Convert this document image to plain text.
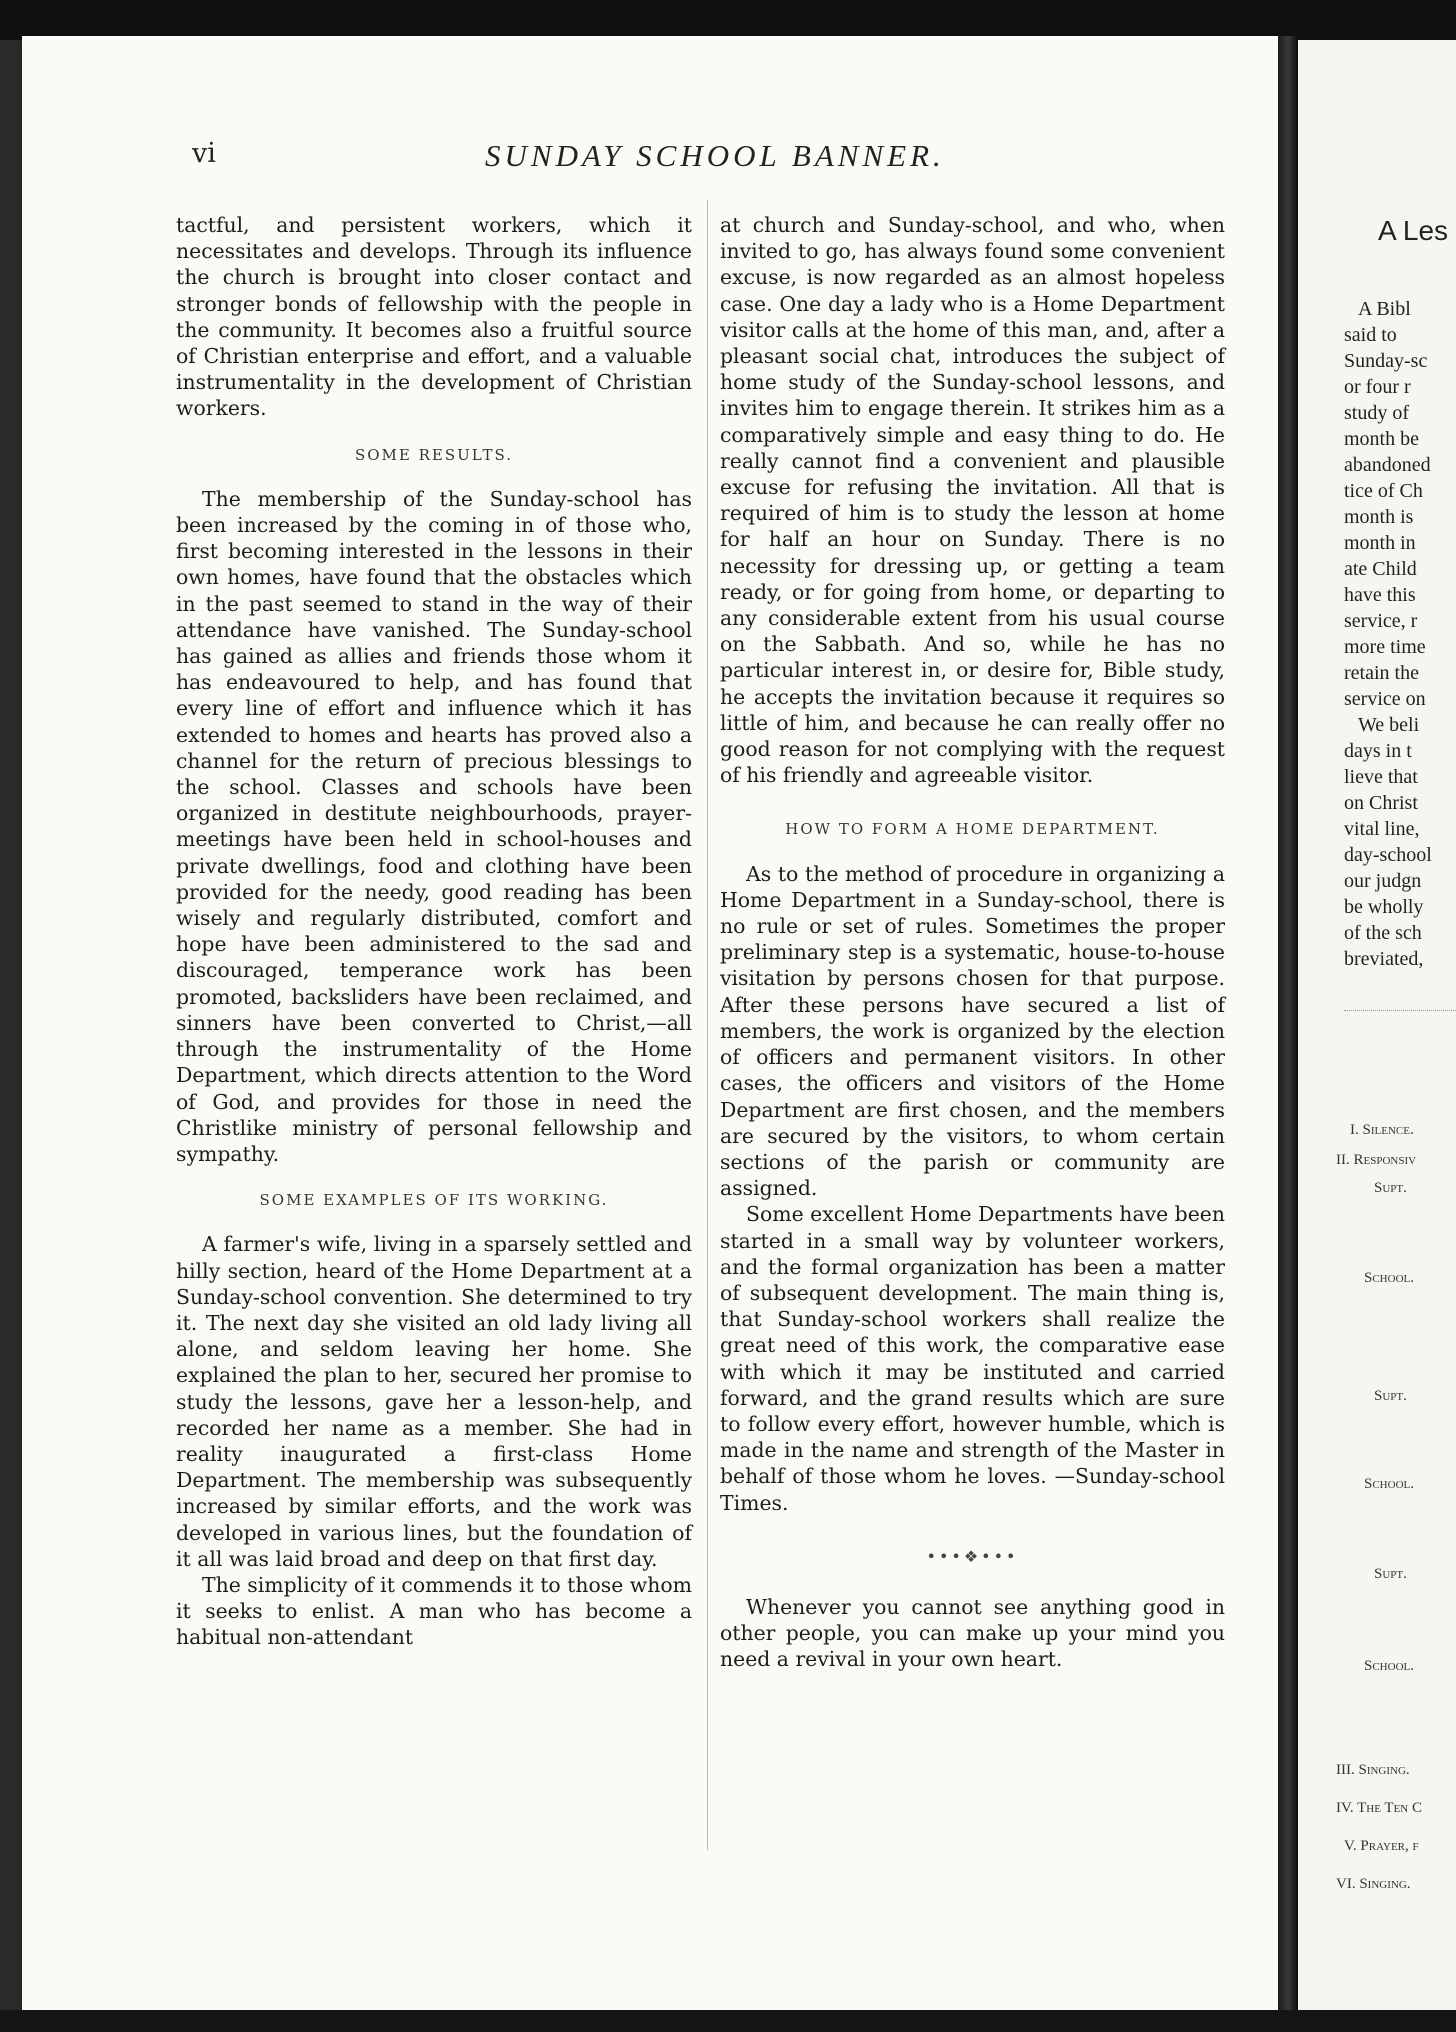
vi	SUNDAY SCHOOL BANNER.

tactful, and persistent workers, which it necessitates and develops. Through its influence the church is brought into closer contact and stronger bonds of fellowship with the people in the community. It becomes also a fruitful source of Christian enterprise and effort, and a valuable instrumentality in the development of Christian workers.

SOME RESULTS.

The membership of the Sunday-school has been increased by the coming in of those who, first becoming interested in the lessons in their own homes, have found that the obstacles which in the past seemed to stand in the way of their attendance have vanished. The Sunday-school has gained as allies and friends those whom it has endeavoured to help, and has found that every line of effort and influence which it has extended to homes and hearts has proved also a channel for the return of precious blessings to the school. Classes and schools have been organized in destitute neighbourhoods, prayer-meetings have been held in school-houses and private dwellings, food and clothing have been provided for the needy, good reading has been wisely and regularly distributed, comfort and hope have been administered to the sad and discouraged, temperance work has been promoted, backsliders have been reclaimed, and sinners have been converted to Christ,—all through the instrumentality of the Home Department, which directs attention to the Word of God, and provides for those in need the Christlike ministry of personal fellowship and sympathy.

SOME EXAMPLES OF ITS WORKING.

A farmer's wife, living in a sparsely settled and hilly section, heard of the Home Department at a Sunday-school convention. She determined to try it. The next day she visited an old lady living all alone, and seldom leaving her home. She explained the plan to her, secured her promise to study the lessons, gave her a lesson-help, and recorded her name as a member. She had in reality inaugurated a first-class Home Department. The membership was subsequently increased by similar efforts, and the work was developed in various lines, but the foundation of it all was laid broad and deep on that first day.

The simplicity of it commends it to those whom it seeks to enlist. A man who has become a habitual non-attendant

at church and Sunday-school, and who, when invited to go, has always found some convenient excuse, is now regarded as an almost hopeless case. One day a lady who is a Home Department visitor calls at the home of this man, and, after a pleasant social chat, introduces the subject of home study of the Sunday-school lessons, and invites him to engage therein. It strikes him as a comparatively simple and easy thing to do. He really cannot find a convenient and plausible excuse for refusing the invitation. All that is required of him is to study the lesson at home for half an hour on Sunday. There is no necessity for dressing up, or getting a team ready, or for going from home, or departing to any considerable extent from his usual course on the Sabbath. And so, while he has no particular interest in, or desire for, Bible study, he accepts the invitation because it requires so little of him, and because he can really offer no good reason for not complying with the request of his friendly and agreeable visitor.

HOW TO FORM A HOME DEPARTMENT.

As to the method of procedure in organizing a Home Department in a Sunday-school, there is no rule or set of rules. Sometimes the proper preliminary step is a systematic, house-to-house visitation by persons chosen for that purpose. After these persons have secured a list of members, the work is organized by the election of officers and permanent visitors. In other cases, the officers and visitors of the Home Department are first chosen, and the members are secured by the visitors, to whom certain sections of the parish or community are assigned.

Some excellent Home Departments have been started in a small way by volunteer workers, and the formal organization has been a matter of subsequent development. The main thing is, that Sunday-school workers shall realize the great need of this work, the comparative ease with which it may be instituted and carried forward, and the grand results which are sure to follow every effort, however humble, which is made in the name and strength of the Master in behalf of those whom he loves. —Sunday-school Times.

•••❖•••

Whenever you cannot see anything good in other people, you can make up your mind you need a revival in your own heart.

A Les
A Bibl
said to
Sunday-sc
or four r
study of
month be
abandoned
tice of Ch
month is
month in
ate Child
have this
service, r
more time
retain the
service on
We beli
days in t
lieve that
on Christ
vital line,
day-school
our judgn
be wholly
of the sch
breviated,
I. Silence.
II. Responsiv
Supt.
School.
Supt.
School.
Supt.
School.
III. Singing.
IV. The Ten C
V. Prayer, f
VI. Singing.
